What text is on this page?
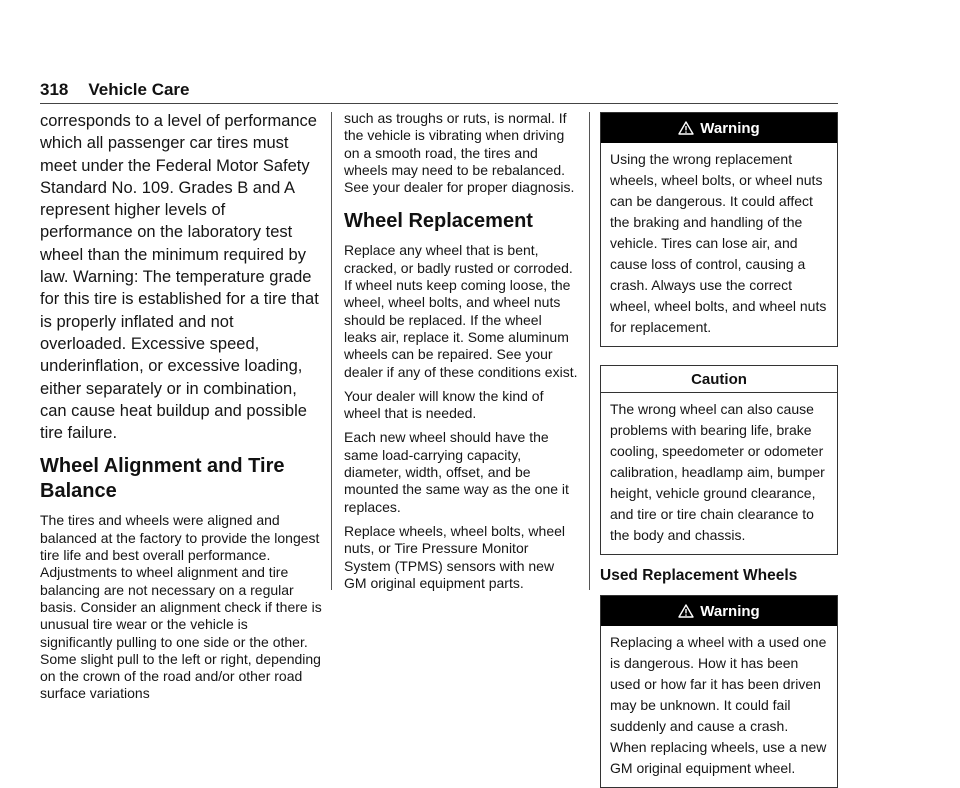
318 Vehicle Care

corresponds to a level of performance which all passenger car tires must meet under the Federal Motor Safety Standard No. 109. Grades B and A represent higher levels of performance on the laboratory test wheel than the minimum required by law. Warning: The temperature grade for this tire is established for a tire that is properly inflated and not overloaded. Excessive speed, underinflation, or excessive loading, either separately or in combination, can cause heat buildup and possible tire failure.

Wheel Alignment and Tire Balance

The tires and wheels were aligned and balanced at the factory to provide the longest tire life and best overall performance. Adjustments to wheel alignment and tire balancing are not necessary on a regular basis. Consider an alignment check if there is unusual tire wear or the vehicle is significantly pulling to one side or the other. Some slight pull to the left or right, depending on the crown of the road and/or other road surface variations

such as troughs or ruts, is normal. If the vehicle is vibrating when driving on a smooth road, the tires and wheels may need to be rebalanced. See your dealer for proper diagnosis.

Wheel Replacement

Replace any wheel that is bent, cracked, or badly rusted or corroded. If wheel nuts keep coming loose, the wheel, wheel bolts, and wheel nuts should be replaced. If the wheel leaks air, replace it. Some aluminum wheels can be repaired. See your dealer if any of these conditions exist.

Your dealer will know the kind of wheel that is needed.

Each new wheel should have the same load-carrying capacity, diameter, width, offset, and be mounted the same way as the one it replaces.

Replace wheels, wheel bolts, wheel nuts, or Tire Pressure Monitor System (TPMS) sensors with new GM original equipment parts.

Warning
Using the wrong replacement wheels, wheel bolts, or wheel nuts can be dangerous. It could affect the braking and handling of the vehicle. Tires can lose air, and cause loss of control, causing a crash. Always use the correct wheel, wheel bolts, and wheel nuts for replacement.
Caution
The wrong wheel can also cause problems with bearing life, brake cooling, speedometer or odometer calibration, headlamp aim, bumper height, vehicle ground clearance, and tire or tire chain clearance to the body and chassis.
Used Replacement Wheels
Warning
Replacing a wheel with a used one is dangerous. How it has been used or how far it has been driven may be unknown. It could fail suddenly and cause a crash. When replacing wheels, use a new GM original equipment wheel.
